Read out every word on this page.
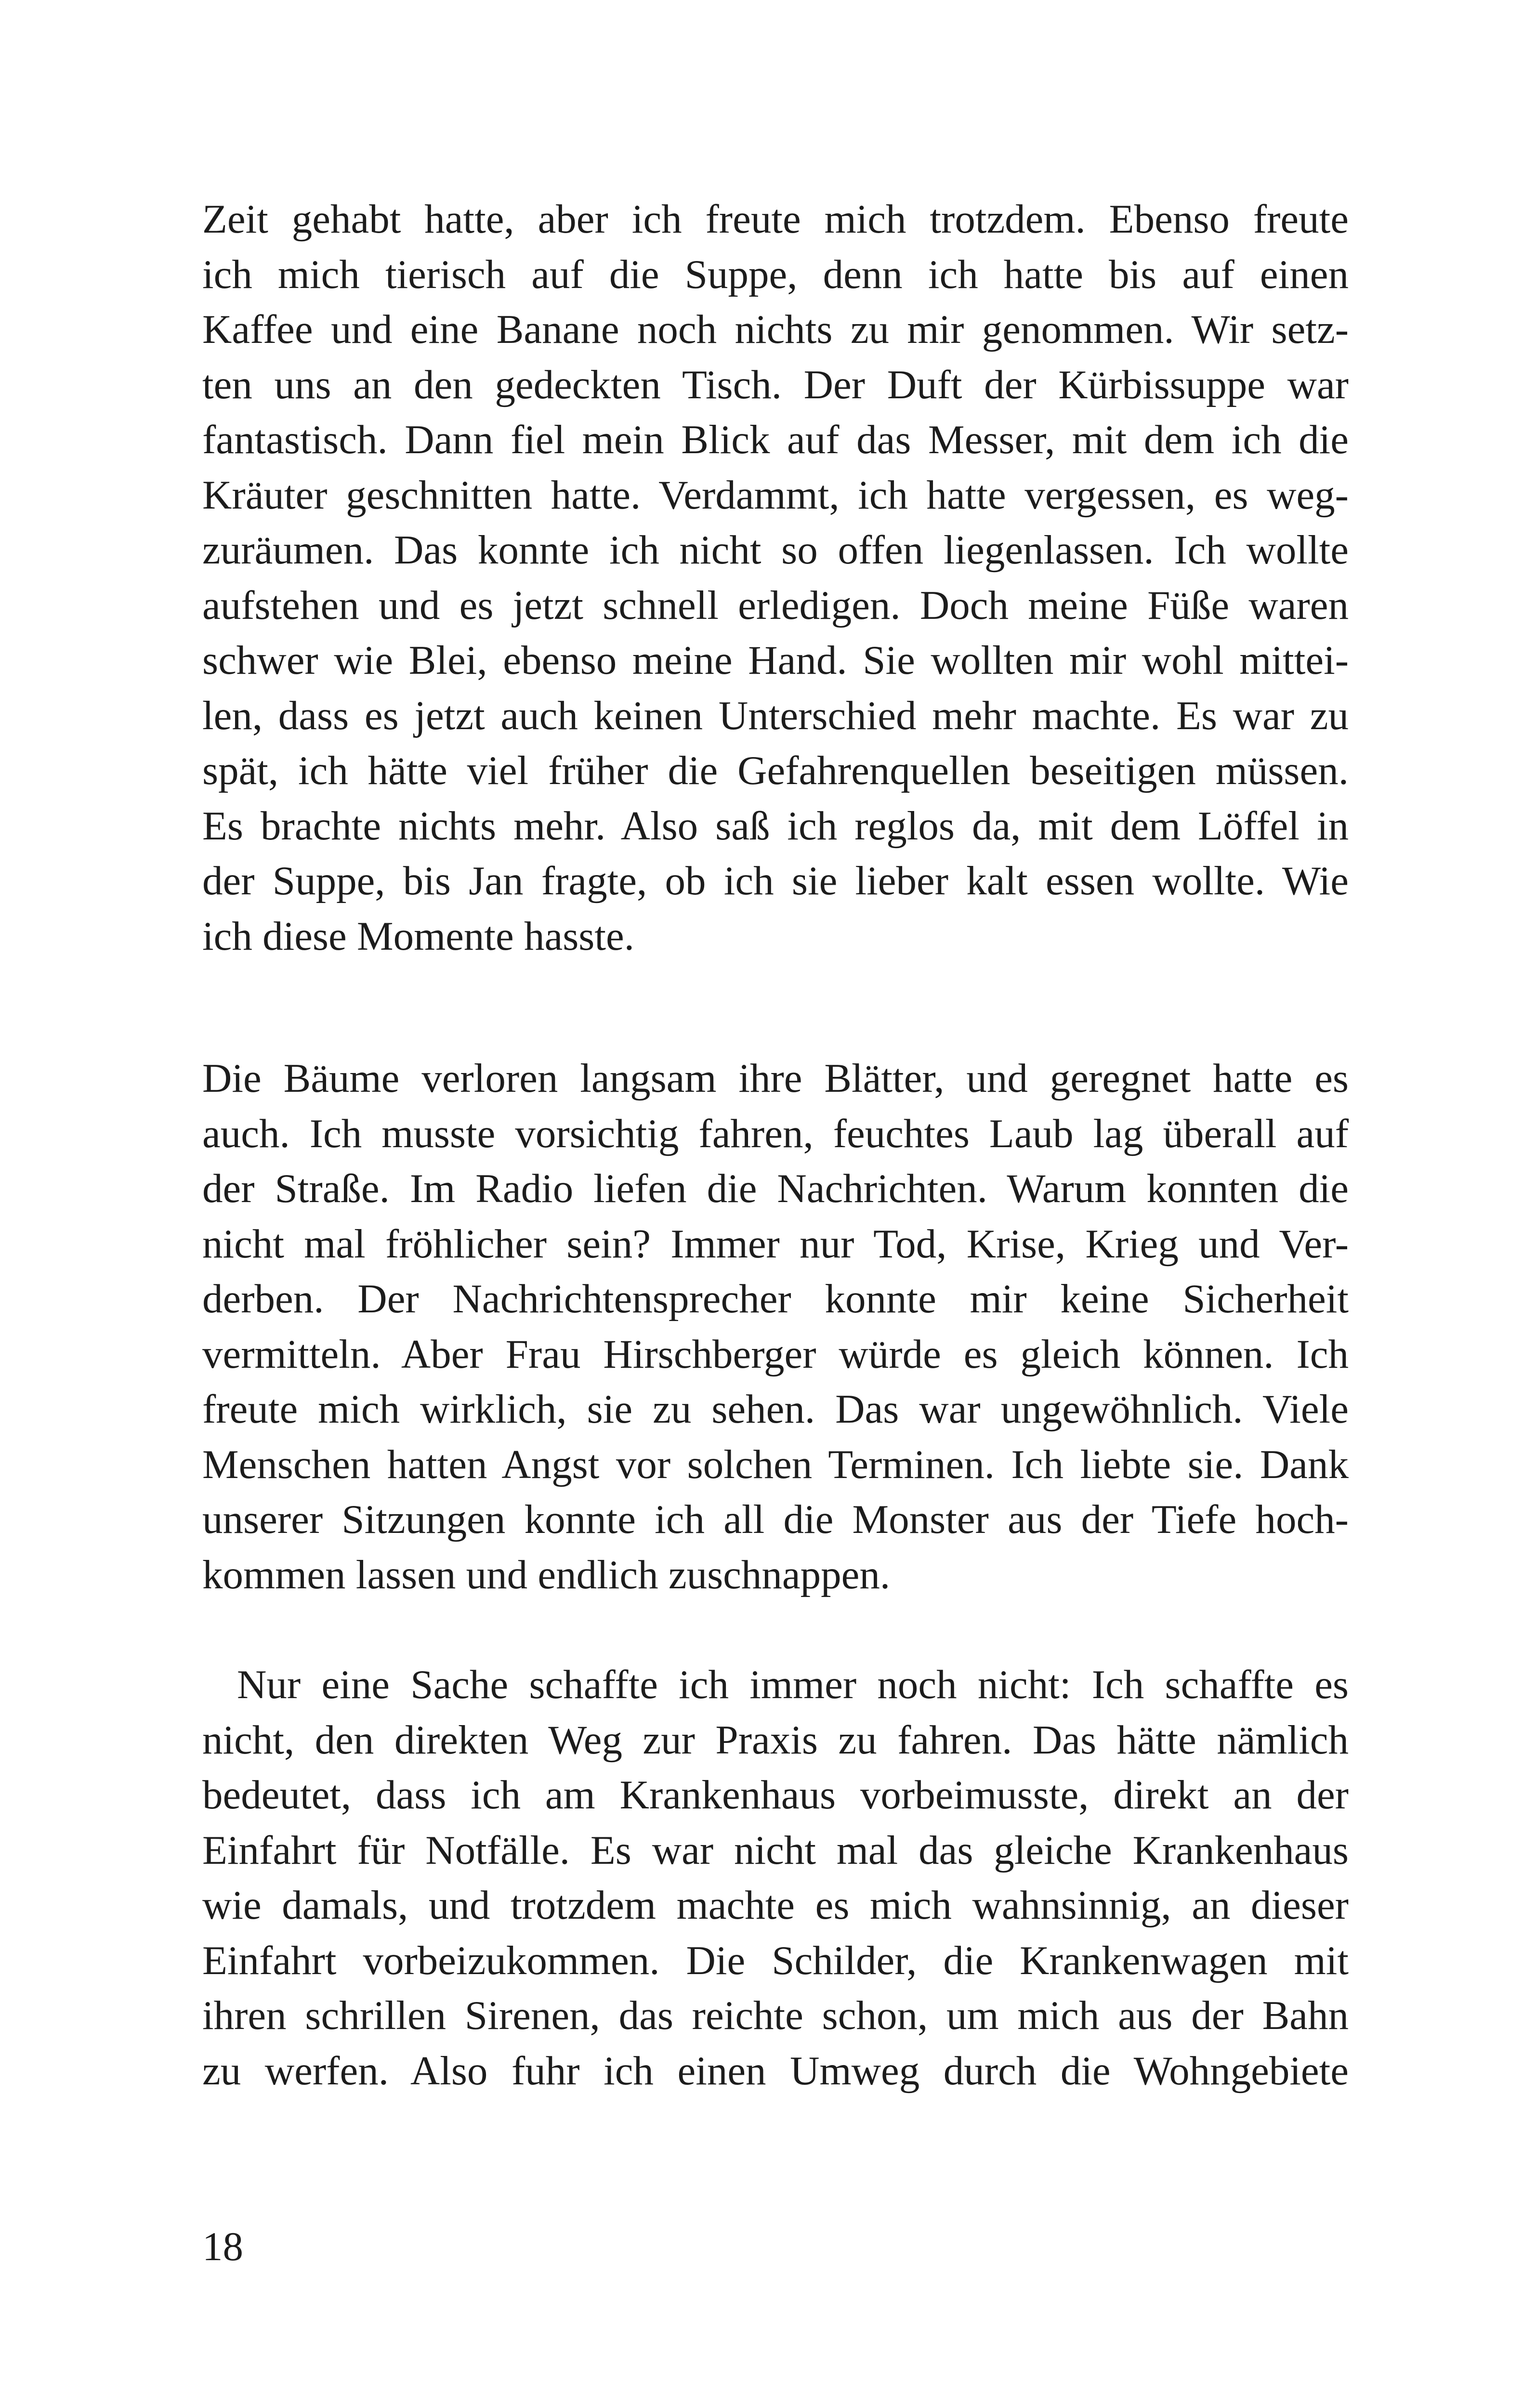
Zeit gehabt hatte, aber ich freute mich trotzdem. Ebenso freute
ich mich tierisch auf die Suppe, denn ich hatte bis auf einen
Kaffee und eine Banane noch nichts zu mir genommen. Wir setz-
ten uns an den gedeckten Tisch. Der Duft der Kürbissuppe war
fantastisch. Dann fiel mein Blick auf das Messer, mit dem ich die
Kräuter geschnitten hatte. Verdammt, ich hatte vergessen, es weg-
zuräumen. Das konnte ich nicht so offen liegenlassen. Ich wollte
aufstehen und es jetzt schnell erledigen. Doch meine Füße waren
schwer wie Blei, ebenso meine Hand. Sie wollten mir wohl mittei-
len, dass es jetzt auch keinen Unterschied mehr machte. Es war zu
spät, ich hätte viel früher die Gefahrenquellen beseitigen müssen.
Es brachte nichts mehr. Also saß ich reglos da, mit dem Löffel in
der Suppe, bis Jan fragte, ob ich sie lieber kalt essen wollte. Wie
ich diese Momente hasste.

Die Bäume verloren langsam ihre Blätter, und geregnet hatte es
auch. Ich musste vorsichtig fahren, feuchtes Laub lag überall auf
der Straße. Im Radio liefen die Nachrichten. Warum konnten die
nicht mal fröhlicher sein? Immer nur Tod, Krise, Krieg und Ver-
derben. Der Nachrichtensprecher konnte mir keine Sicherheit
vermitteln. Aber Frau Hirschberger würde es gleich können. Ich
freute mich wirklich, sie zu sehen. Das war ungewöhnlich. Viele
Menschen hatten Angst vor solchen Terminen. Ich liebte sie. Dank
unserer Sitzungen konnte ich all die Monster aus der Tiefe hoch-
kommen lassen und endlich zuschnappen.

Nur eine Sache schaffte ich immer noch nicht: Ich schaffte es
nicht, den direkten Weg zur Praxis zu fahren. Das hätte nämlich
bedeutet, dass ich am Krankenhaus vorbeimusste, direkt an der
Einfahrt für Notfälle. Es war nicht mal das gleiche Krankenhaus
wie damals, und trotzdem machte es mich wahnsinnig, an dieser
Einfahrt vorbeizukommen. Die Schilder, die Krankenwagen mit
ihren schrillen Sirenen, das reichte schon, um mich aus der Bahn
zu werfen. Also fuhr ich einen Umweg durch die Wohngebiete

18
